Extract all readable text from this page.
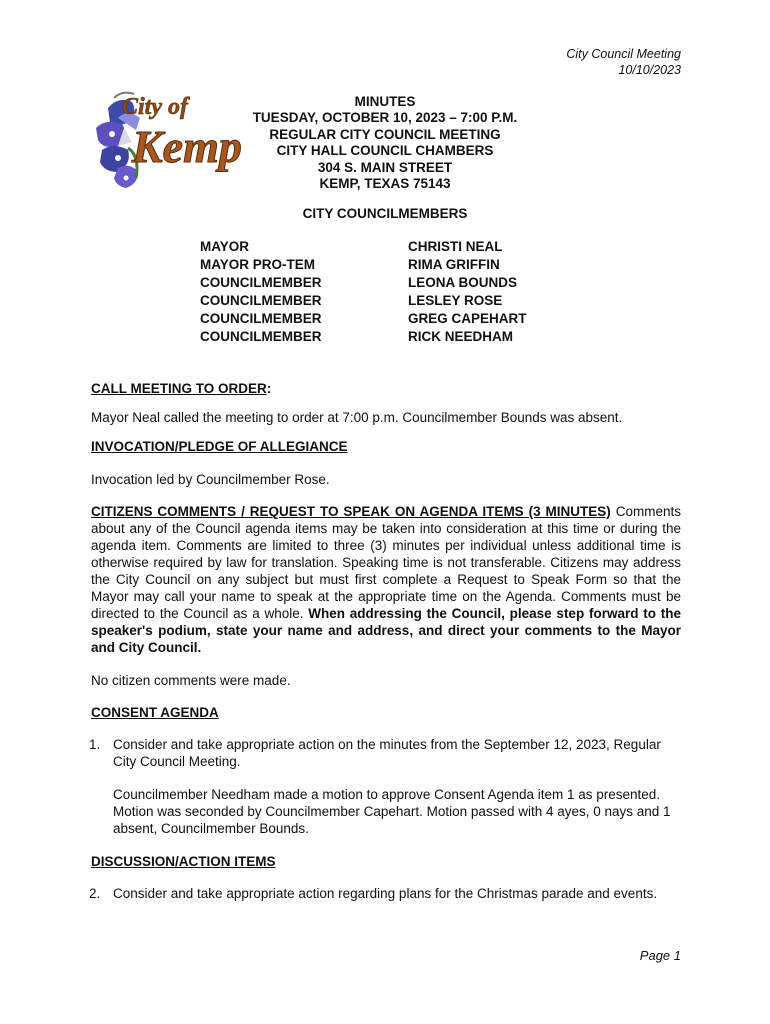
City Council Meeting
10/10/2023
City of
Kemp
MINUTES
TUESDAY, OCTOBER 10, 2023 – 7:00 P.M.
REGULAR CITY COUNCIL MEETING
CITY HALL COUNCIL CHAMBERS
304 S. MAIN STREET
KEMP, TEXAS 75143
CITY COUNCILMEMBERS
MAYOR
MAYOR PRO-TEM
COUNCILMEMBER
COUNCILMEMBER
COUNCILMEMBER
COUNCILMEMBER
CHRISTI NEAL
RIMA GRIFFIN
LEONA BOUNDS
LESLEY ROSE
GREG CAPEHART
RICK NEEDHAM

CALL MEETING TO ORDER:

Mayor Neal called the meeting to order at 7:00 p.m. Councilmember Bounds was absent.

INVOCATION/PLEDGE OF ALLEGIANCE

Invocation led by Councilmember Rose.

CITIZENS COMMENTS / REQUEST TO SPEAK ON AGENDA ITEMS (3 MINUTES) Comments about any of the Council agenda items may be taken into consideration at this time or during the agenda item. Comments are limited to three (3) minutes per individual unless additional time is otherwise required by law for translation. Speaking time is not transferable. Citizens may address the City Council on any subject but must first complete a Request to Speak Form so that the Mayor may call your name to speak at the appropriate time on the Agenda. Comments must be directed to the Council as a whole. When addressing the Council, please step forward to the speaker's podium, state your name and address, and direct your comments to the Mayor and City Council.

No citizen comments were made.

CONSENT AGENDA

1. Consider and take appropriate action on the minutes from the September 12, 2023, Regular City Council Meeting.

Councilmember Needham made a motion to approve Consent Agenda item 1 as presented. Motion was seconded by Councilmember Capehart. Motion passed with 4 ayes, 0 nays and 1 absent, Councilmember Bounds.

DISCUSSION/ACTION ITEMS

2. Consider and take appropriate action regarding plans for the Christmas parade and events.
Page 1
